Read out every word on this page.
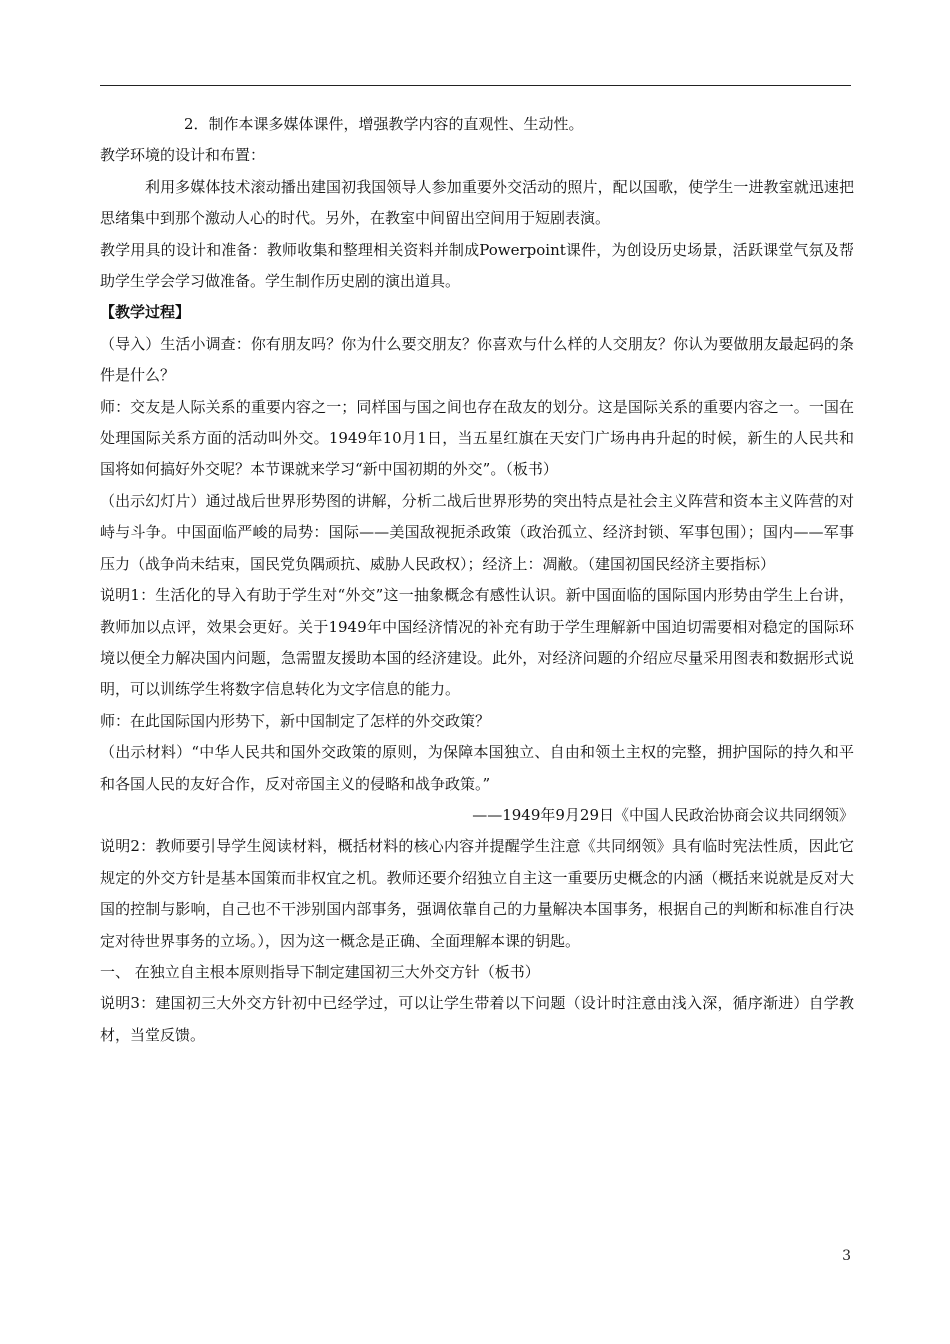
2．制作本课多媒体课件，增强教学内容的直观性、生动性。

教学环境的设计和布置：

利用多媒体技术滚动播出建国初我国领导人参加重要外交活动的照片，配以国歌，使学生一进教室就迅速把思绪集中到那个激动人心的时代。另外，在教室中间留出空间用于短剧表演。

教学用具的设计和准备：教师收集和整理相关资料并制成Powerpoint课件，为创设历史场景，活跃课堂气氛及帮助学生学会学习做准备。学生制作历史剧的演出道具。

【教学过程】

（导入）生活小调查：你有朋友吗？你为什么要交朋友？你喜欢与什么样的人交朋友？你认为要做朋友最起码的条件是什么？

师：交友是人际关系的重要内容之一；同样国与国之间也存在敌友的划分。这是国际关系的重要内容之一。一国在处理国际关系方面的活动叫外交。1949年10月1日，当五星红旗在天安门广场冉冉升起的时候，新生的人民共和国将如何搞好外交呢？本节课就来学习“新中国初期的外交”。（板书）

（出示幻灯片）通过战后世界形势图的讲解，分析二战后世界形势的突出特点是社会主义阵营和资本主义阵营的对峙与斗争。中国面临严峻的局势：国际——美国敌视扼杀政策（政治孤立、经济封锁、军事包围）；国内——军事压力（战争尚未结束，国民党负隅顽抗、威胁人民政权）；经济上：凋敝。（建国初国民经济主要指标）

说明1：生活化的导入有助于学生对“外交”这一抽象概念有感性认识。新中国面临的国际国内形势由学生上台讲，教师加以点评，效果会更好。关于1949年中国经济情况的补充有助于学生理解新中国迫切需要相对稳定的国际环境以便全力解决国内问题，急需盟友援助本国的经济建设。此外，对经济问题的介绍应尽量采用图表和数据形式说明，可以训练学生将数字信息转化为文字信息的能力。

师：在此国际国内形势下，新中国制定了怎样的外交政策？

（出示材料）“中华人民共和国外交政策的原则，为保障本国独立、自由和领土主权的完整，拥护国际的持久和平和各国人民的友好合作，反对帝国主义的侵略和战争政策。”

——1949年9月29日《中国人民政治协商会议共同纲领》

说明2：教师要引导学生阅读材料，概括材料的核心内容并提醒学生注意《共同纲领》具有临时宪法性质，因此它规定的外交方针是基本国策而非权宜之机。教师还要介绍独立自主这一重要历史概念的内涵（概括来说就是反对大国的控制与影响，自己也不干涉别国内部事务，强调依靠自己的力量解决本国事务，根据自己的判断和标准自行决定对待世界事务的立场。），因为这一概念是正确、全面理解本课的钥匙。

一、 在独立自主根本原则指导下制定建国初三大外交方针（板书）

说明3：建国初三大外交方针初中已经学过，可以让学生带着以下问题（设计时注意由浅入深，循序渐进）自学教材，当堂反馈。

3
